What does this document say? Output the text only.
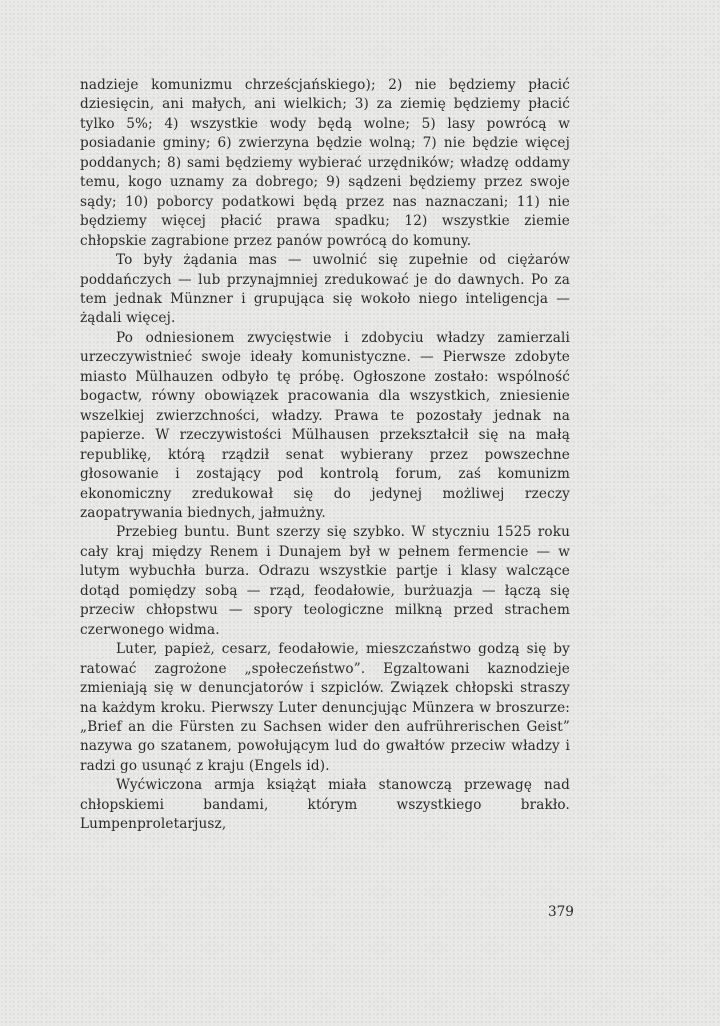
nadzieje komunizmu chrześcjańskiego); 2) nie będziemy płacić dziesięcin, ani małych, ani wielkich; 3) za ziemię będziemy płacić tylko 5%; 4) wszystkie wody będą wolne; 5) lasy powrócą w posiadanie gminy; 6) zwierzyna będzie wolną; 7) nie będzie więcej poddanych; 8) sami będziemy wybierać urzędników; władzę oddamy temu, kogo uznamy za dobrego; 9) sądzeni będziemy przez swoje sądy; 10) poborcy podatkowi będą przez nas naznaczani; 11) nie będziemy więcej płacić prawa spadku; 12) wszystkie ziemie chłopskie zagrabione przez panów powrócą do komuny.

To były żądania mas — uwolnić się zupełnie od ciężarów poddańczych — lub przynajmniej zredukować je do dawnych. Po za tem jednak Münzner i grupująca się wokoło niego inteligencja — żądali więcej.

Po odniesionem zwycięstwie i zdobyciu władzy zamierzali urzeczywistnieć swoje ideały komunistyczne. — Pierwsze zdobyte miasto Mülhauzen odbyło tę próbę. Ogłoszone zostało: wspólność bogactw, równy obowiązek pracowania dla wszystkich, zniesienie wszelkiej zwierzchności, władzy. Prawa te pozostały jednak na papierze. W rzeczywistości Mülhausen przekształcił się na małą republikę, którą rządził senat wybierany przez powszechne głosowanie i zostający pod kontrolą forum, zaś komunizm ekonomiczny zredukował się do jedynej możliwej rzeczy zaopatrywania biednych, jałmużny.

Przebieg buntu. Bunt szerzy się szybko. W styczniu 1525 roku cały kraj między Renem i Dunajem był w pełnem fermencie — w lutym wybuchła burza. Odrazu wszystkie partje i klasy walczące dotąd pomiędzy sobą — rząd, feodałowie, burżuazja — łączą się przeciw chłopstwu — spory teologiczne milkną przed strachem czerwonego widma.

Luter, papież, cesarz, feodałowie, mieszczaństwo godzą się by ratować zagrożone „społeczeństwo”. Egzaltowani kaznodzieje zmieniają się w denuncjatorów i szpiclów. Związek chłopski straszy na każdym kroku. Pierwszy Luter denuncjując Münzera w broszurze: „Brief an die Fürsten zu Sachsen wider den aufrührerischen Geist” nazywa go szatanem, powołującym lud do gwałtów przeciw władzy i radzi go usunąć z kraju (Engels id).

Wyćwiczona armja książąt miała stanowczą przewagę nad chłopskiemi bandami, którym wszystkiego brakło. Lumpenproletarjusz,

379
